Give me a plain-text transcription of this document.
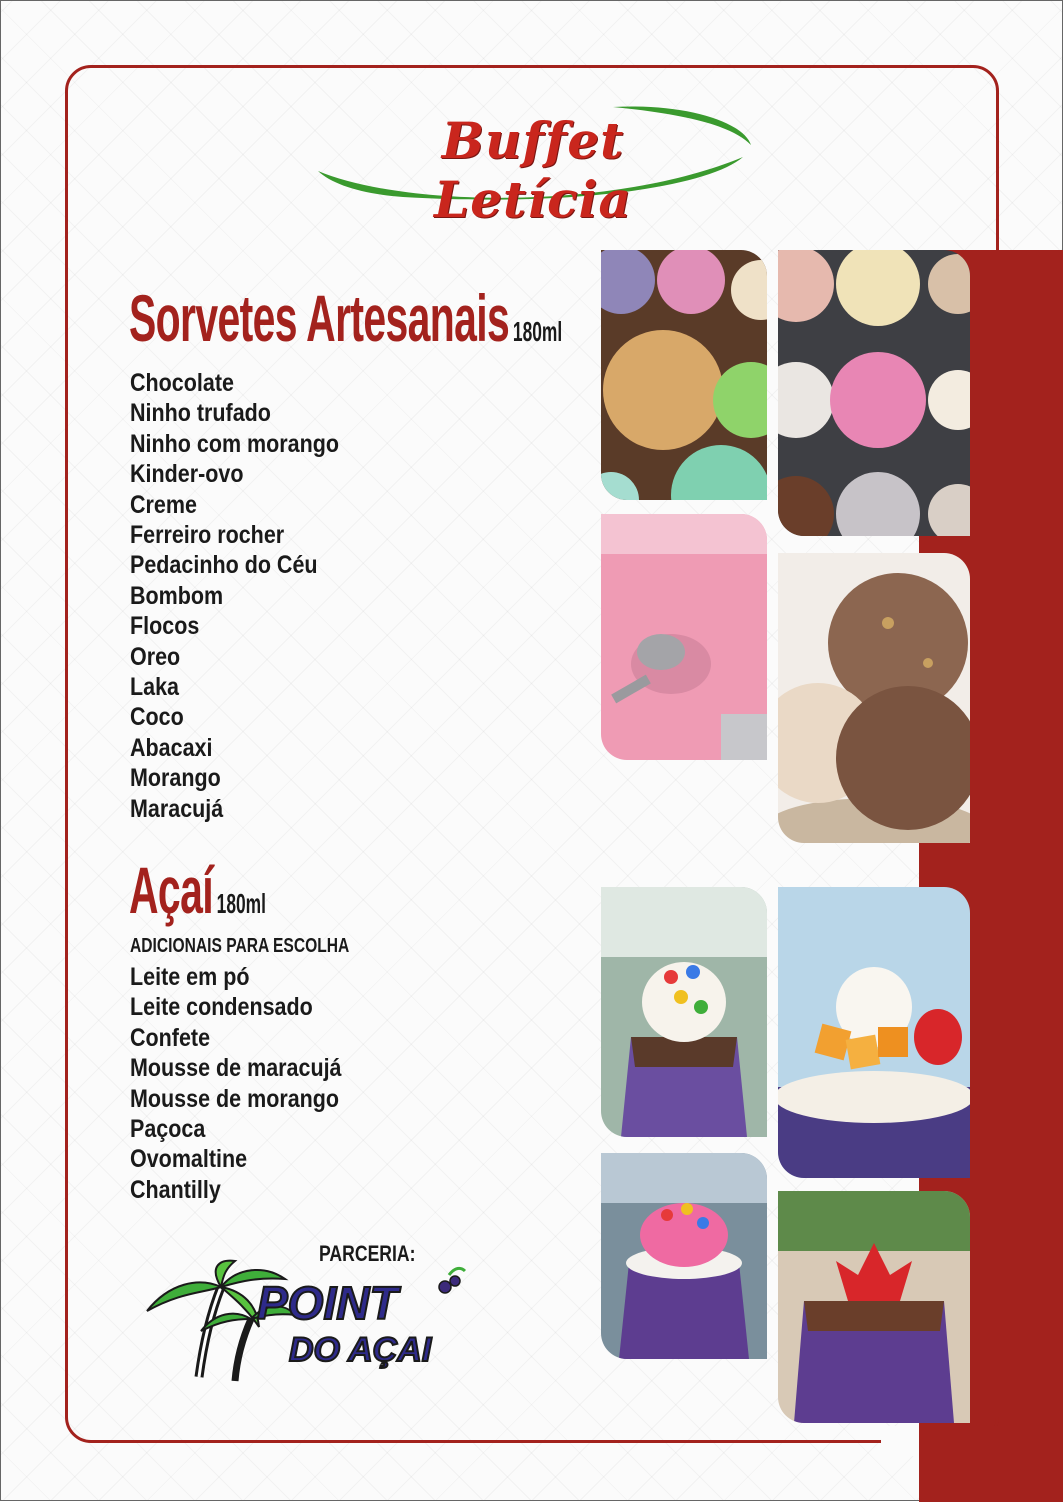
Buffet Letícia
Sorvetes Artesanais 180ml
Chocolate
Ninho trufado
Ninho com morango
Kinder-ovo
Creme
Ferreiro rocher
Pedacinho do Céu
Bombom
Flocos
Oreo
Laka
Coco
Abacaxi
Morango
Maracujá
Açaí 180ml
ADICIONAIS PARA ESCOLHA
Leite em pó
Leite condensado
Confete
Mousse de maracujá
Mousse de morango
Paçoca
Ovomaltine
Chantilly
PARCERIA:
POINT
DO AÇAI
